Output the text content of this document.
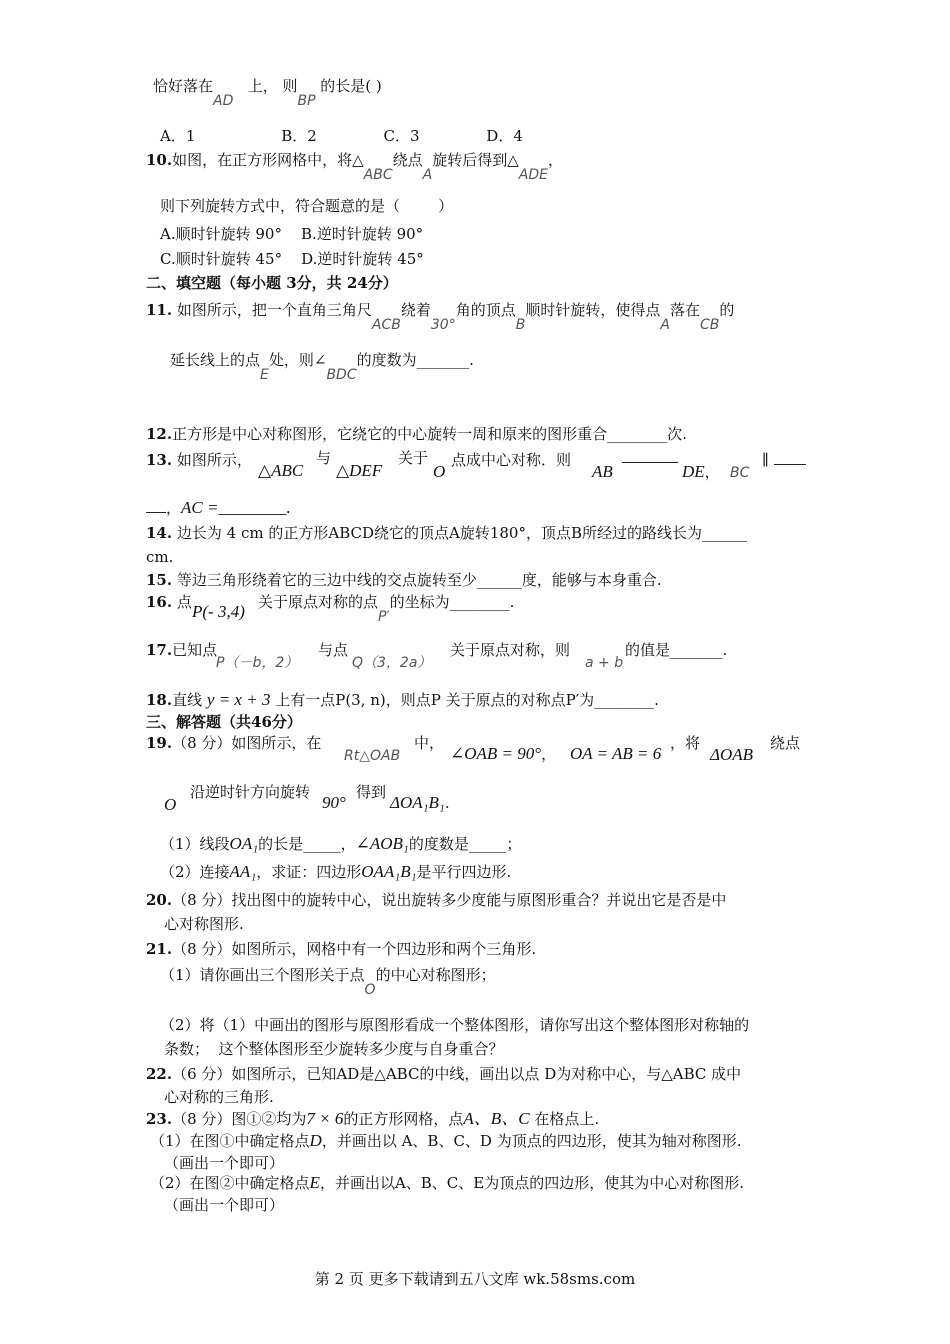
恰好落在AD   上， 则BP 的长是( )
A．1                  B．2              C．3              D．4
10.如图，在正方形网格中，将△ABC绕点A旋转后得到△ADE，
则下列旋转方式中，符合题意的是（        ）
A.顺时针旋转 90°    B.逆时针旋转 90°
C.顺时针旋转 45°    D.逆时针旋转 45°
二、填空题（每小题 3分，共 24分）
11. 如图所示，把一个直角三角尺ACB绕着30°角的顶点B顺时针旋转，使得点A落在CB的
延长线上的点E处，则∠BDC的度数为_______.
12.正方形是中心对称图形，它绕它的中心旋转一周和原来的图形重合________次.
13. 如图所示，
△ABC
与
△DEF
关于
O
点成中心对称．则
AB	DE， BC
∥
，AC =________.
14. 边长为 4 cm 的正方形ABCD绕它的顶点A旋转180°，顶点B所经过的路线长为______
cm.
15. 等边三角形绕着它的三边中线的交点旋转至少______度，能够与本身重合.
16. 点 P(- 3,4) 关于原点对称的点P′的坐标为________.
17.已知点
P（－b，2）
与点
Q（3，2a）
关于原点对称，则
a + b
的值是_______.
18.直线 y = x + 3 上有一点P(3, n)，则点P 关于原点的对称点P′为________.
三、解答题（共46分）
19.（8 分）如图所示，在
Rt△OAB
中，
∠OAB = 90°， OA = AB = 6
，将
ΔOAB
绕点
O
沿逆时针方向旋转
90°
得到
ΔOA₁B₁.
（1）线段OA₁的长是_____，∠AOB₁的度数是_____；
（2）连接AA₁，求证：四边形OAA₁B₁是平行四边形.
20.（8 分）找出图中的旋转中心，说出旋转多少度能与原图形重合？并说出它是否是中
心对称图形.
21.（8 分）如图所示，网格中有一个四边形和两个三角形.
（1）请你画出三个图形关于点O的中心对称图形；
（2）将（1）中画出的图形与原图形看成一个整体图形，请你写出这个整体图形对称轴的
条数；  这个整体图形至少旋转多少度与自身重合？
22.（6 分）如图所示，已知AD是△ABC的中线，画出以点 D为对称中心，与△ABC 成中
心对称的三角形.
23.（8 分）图①②均为7 × 6的正方形网格，点A、B、C 在格点上.
（1）在图①中确定格点D，并画出以 A、B、C、D 为顶点的四边形，使其为轴对称图形.
（画出一个即可）
（2）在图②中确定格点E，并画出以A、B、C、E为顶点的四边形，使其为中心对称图形.
（画出一个即可）
第 2 页 更多下载请到五八文库 wk.58sms.com
